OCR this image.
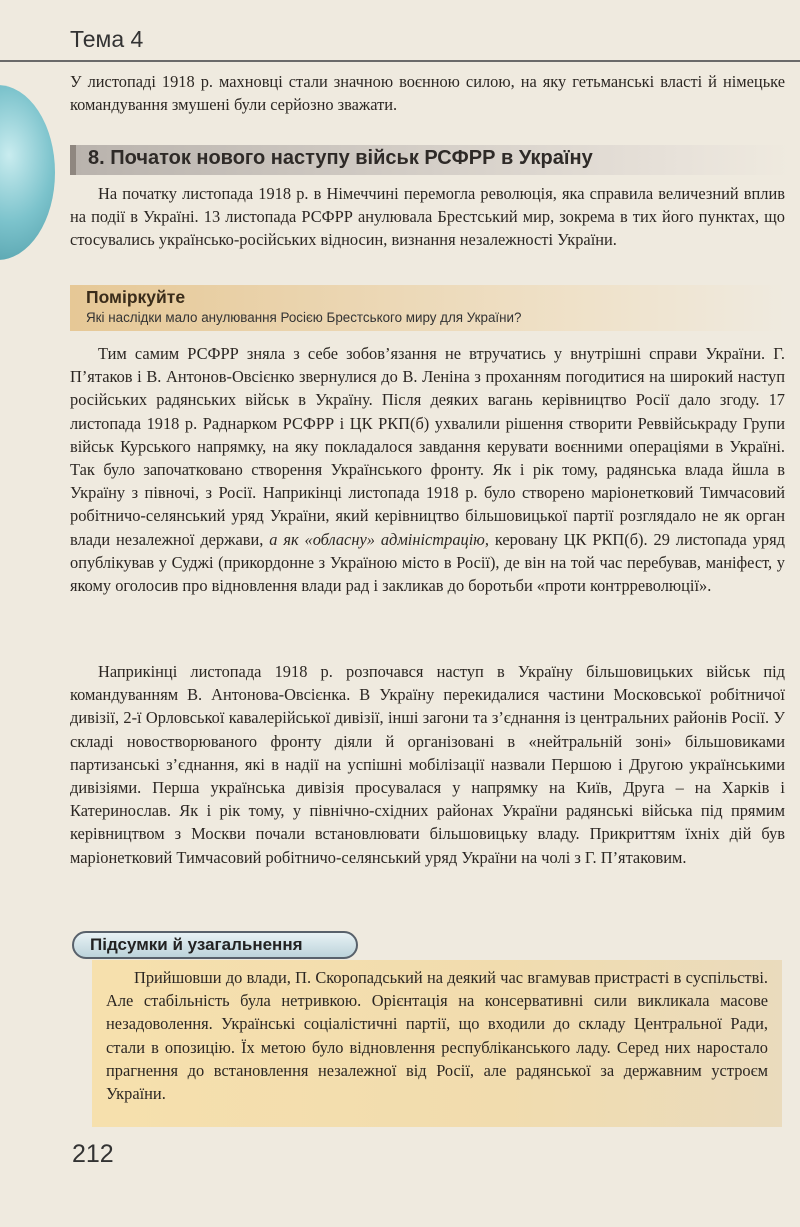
Тема 4

У листопаді 1918 р. махновці стали значною воєнною силою, на яку гетьманські властi й німецьке командування змушені були серйозно зважати.

8. Початок нового наступу військ РСФРР в Україну

На початку листопада 1918 р. в Німеччині перемогла революція, яка справила величезний вплив на події в Україні. 13 листопада РСФРР анулювала Брестський мир, зокрема в тих його пунктах, що стосувались українсько-російських відносин, визнання незалежності України.

Поміркуйте
Які наслідки мало анулювання Росією Брестського миру для України?

Тим самим РСФРР зняла з себе зобов’язання не втручатись у внутрішні справи України. Г. П’ятаков і В. Антонов-Овсієнко звернулися до В. Леніна з проханням погодитися на широкий наступ російських радянських військ в Україну. Після деяких вагань керівництво Росії дало згоду. 17 листопада 1918 р. Раднарком РСФРР і ЦК РКП(б) ухвалили рішення створити Реввійськраду Групи військ Курського напрямку, на яку покладалося завдання керувати воєнними операціями в Україні. Так було започатковано створення Українського фронту. Як і рік тому, радянська влада йшла в Україну з півночі, з Росії. Наприкінці листопада 1918 р. було створено маріонетковий Тимчасовий робітничо-селянський уряд України, який керівництво більшовицької партії розглядало не як орган влади незалежної держави, а як «обласну» адміністрацію, керовану ЦК РКП(б). 29 листопада уряд опублікував у Суджі (прикордонне з Україною місто в Росії), де він на той час перебував, маніфест, у якому оголосив про відновлення влади рад і закликав до боротьби «проти контрреволюції».

Наприкінці листопада 1918 р. розпочався наступ в Україну більшовицьких військ під командуванням В. Антонова-Овсієнка. В Україну перекидалися частини Московської робітничої дивізії, 2-ї Орловської кавалерійської дивізії, інші загони та з’єднання із центральних районів Росії. У складі новостворюваного фронту діяли й організовані в «нейтральній зоні» більшовиками партизанські з’єднання, які в надії на успішні мобілізації назвали Першою і Другою українськими дивізіями. Перша українська дивізія просувалася у напрямку на Київ, Друга – на Харків і Катеринослав. Як і рік тому, у північно-східних районах України радянські війська під прямим керівництвом з Москви почали встановлювати більшовицьку владу. Прикриттям їхніх дій був маріонетковий Тимчасовий робітничо-селянський уряд України на чолі з Г. П’ятаковим.

Підсумки й узагальнення

Прийшовши до влади, П. Скоропадський на деякий час вгамував пристрасті в суспільстві. Але стабільність була нетривкою. Орієнтація на консервативні сили викликала масове незадоволення. Українські соціалістичні партії, що входили до складу Центральної Ради, стали в опозицію. Їх метою було відновлення республіканського ладу. Серед них наростало прагнення до встановлення незалежної від Росії, але радянської за державним устроєм України.

212
